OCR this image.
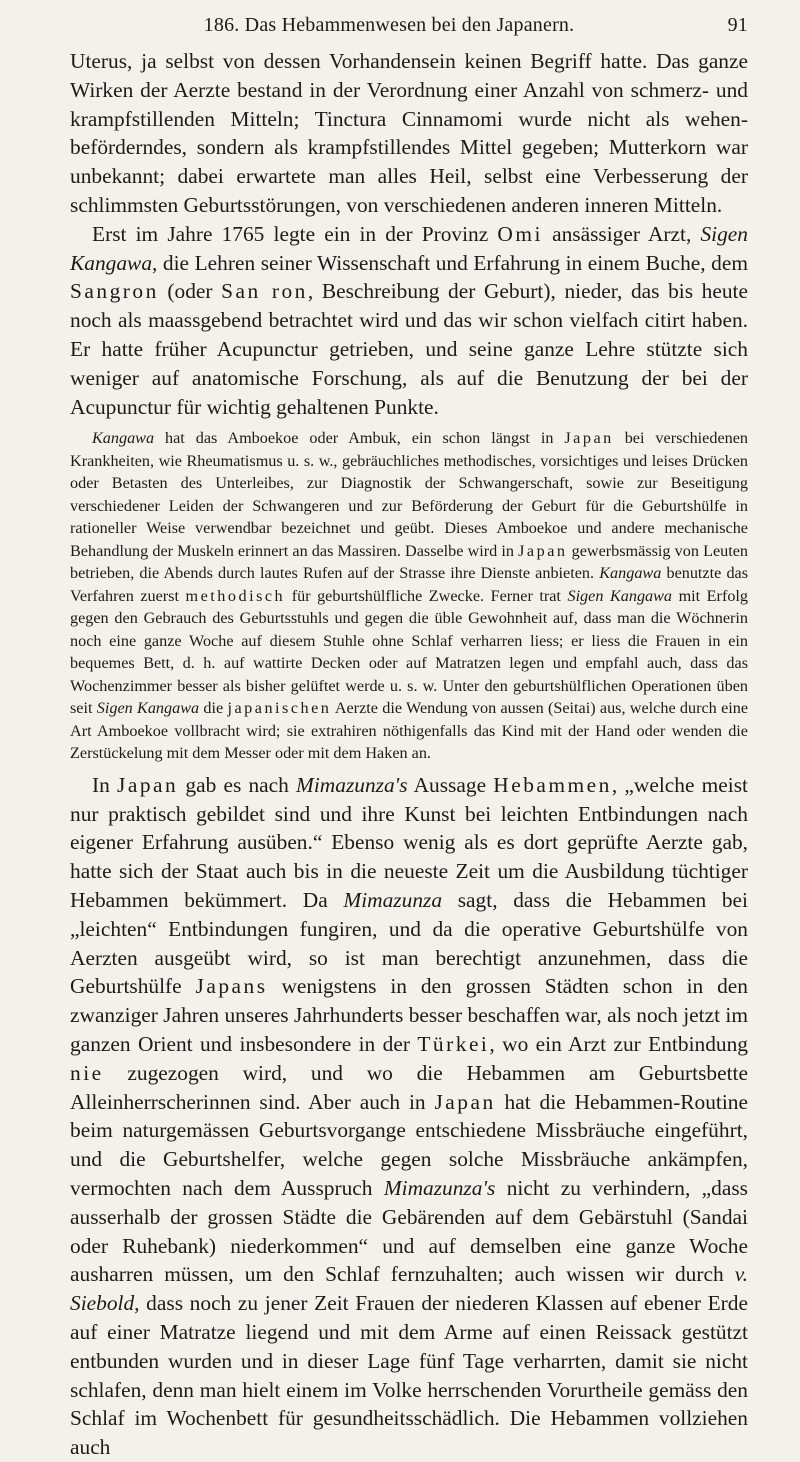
186. Das Hebammenwesen bei den Japanern.	91

Uterus, ja selbst von dessen Vorhandensein keinen Begriff hatte. Das ganze Wirken der Aerzte bestand in der Verordnung einer Anzahl von schmerz- und krampfstillenden Mitteln; Tinctura Cinnamomi wurde nicht als wehen- beförderndes, sondern als krampfstillendes Mittel gegeben; Mutterkorn war unbekannt; dabei erwartete man alles Heil, selbst eine Verbesserung der schlimmsten Geburtsstörungen, von verschiedenen anderen inneren Mitteln.

Erst im Jahre 1765 legte ein in der Provinz Omi ansässiger Arzt, Sigen Kangawa, die Lehren seiner Wissenschaft und Erfahrung in einem Buche, dem Sangron (oder San ron, Beschreibung der Geburt), nieder, das bis heute noch als maassgebend betrachtet wird und das wir schon vielfach citirt haben. Er hatte früher Acupunctur getrieben, und seine ganze Lehre stützte sich weniger auf anatomische Forschung, als auf die Benutzung der bei der Acupunctur für wichtig gehaltenen Punkte.

Kangawa hat das Amboekoe oder Ambuk, ein schon längst in Japan bei verschiedenen Krankheiten, wie Rheumatismus u. s. w., gebräuchliches methodisches, vorsichtiges und leises Drücken oder Betasten des Unterleibes, zur Diagnostik der Schwangerschaft, sowie zur Beseitigung verschiedener Leiden der Schwangeren und zur Beförderung der Geburt für die Geburtshülfe in rationeller Weise verwendbar bezeichnet und geübt. Dieses Amboekoe und andere mechanische Behandlung der Muskeln erinnert an das Massiren. Dasselbe wird in Japan gewerbsmässig von Leuten betrieben, die Abends durch lautes Rufen auf der Strasse ihre Dienste anbieten. Kangawa benutzte das Verfahren zuerst methodisch für geburtshülfliche Zwecke. Ferner trat Sigen Kangawa mit Erfolg gegen den Gebrauch des Geburtsstuhls und gegen die üble Gewohnheit auf, dass man die Wöchnerin noch eine ganze Woche auf diesem Stuhle ohne Schlaf verharren liess; er liess die Frauen in ein bequemes Bett, d. h. auf wattirte Decken oder auf Matratzen legen und empfahl auch, dass das Wochenzimmer besser als bisher gelüftet werde u. s. w. Unter den geburtshülflichen Operationen üben seit Sigen Kangawa die japanischen Aerzte die Wendung von aussen (Seitai) aus, welche durch eine Art Amboekoe vollbracht wird; sie extrahiren nöthigenfalls das Kind mit der Hand oder wenden die Zerstückelung mit dem Messer oder mit dem Haken an.

In Japan gab es nach Mimazunza's Aussage Hebammen, „welche meist nur praktisch gebildet sind und ihre Kunst bei leichten Entbindungen nach eigener Erfahrung ausüben.“ Ebenso wenig als es dort geprüfte Aerzte gab, hatte sich der Staat auch bis in die neueste Zeit um die Ausbildung tüchtiger Hebammen bekümmert. Da Mimazunza sagt, dass die Hebammen bei „leichten“ Entbindungen fungiren, und da die operative Geburtshülfe von Aerzten ausgeübt wird, so ist man berechtigt anzunehmen, dass die Geburtshülfe Japans wenigstens in den grossen Städten schon in den zwanziger Jahren unseres Jahrhunderts besser beschaffen war, als noch jetzt im ganzen Orient und insbesondere in der Türkei, wo ein Arzt zur Entbindung nie zugezogen wird, und wo die Hebammen am Geburtsbette Alleinherrscherinnen sind. Aber auch in Japan hat die Hebammen-Routine beim naturgemässen Geburtsvorgange entschiedene Missbräuche eingeführt, und die Geburtshelfer, welche gegen solche Missbräuche ankämpfen, vermochten nach dem Ausspruch Mimazunza's nicht zu verhindern, „dass ausserhalb der grossen Städte die Gebärenden auf dem Gebärstuhl (Sandai oder Ruhebank) niederkommen“ und auf demselben eine ganze Woche ausharren müssen, um den Schlaf fernzuhalten; auch wissen wir durch v. Siebold, dass noch zu jener Zeit Frauen der niederen Klassen auf ebener Erde auf einer Matratze liegend und mit dem Arme auf einen Reissack gestützt entbunden wurden und in dieser Lage fünf Tage verharrten, damit sie nicht schlafen, denn man hielt einem im Volke herrschenden Vorurtheile gemäss den Schlaf im Wochenbett für gesundheitsschädlich. Die Hebammen vollziehen auch
